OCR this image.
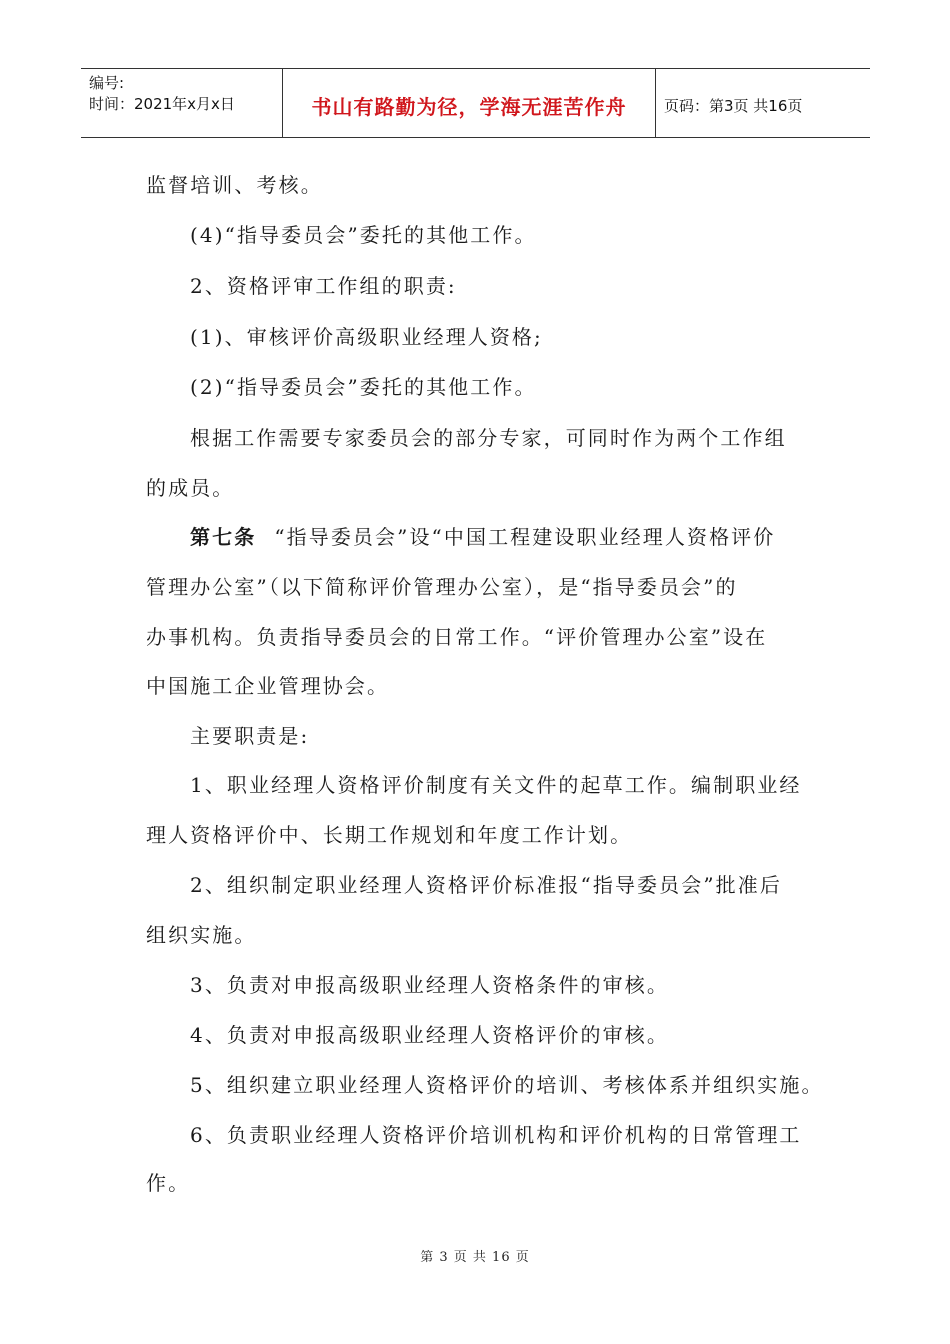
编号:
时间：2021年x月x日	书山有路勤为径，学海无涯苦作舟	页码：第3页 共16页
监督培训、考核。
(4)“指导委员会”委托的其他工作。
2、资格评审工作组的职责:
(1)、审核评价高级职业经理人资格;
(2)“指导委员会”委托的其他工作。
根据工作需要专家委员会的部分专家，可同时作为两个工作组
的成员。
第七条 “指导委员会”设“中国工程建设职业经理人资格评价
管理办公室”（以下简称评价管理办公室），是“指导委员会”的
办事机构。负责指导委员会的日常工作。“评价管理办公室”设在
中国施工企业管理协会。
主要职责是:
1、职业经理人资格评价制度有关文件的起草工作。编制职业经
理人资格评价中、长期工作规划和年度工作计划。
2、组织制定职业经理人资格评价标准报“指导委员会”批准后
组织实施。
3、负责对申报高级职业经理人资格条件的审核。
4、负责对申报高级职业经理人资格评价的审核。
5、组织建立职业经理人资格评价的培训、考核体系并组织实施。
6、负责职业经理人资格评价培训机构和评价机构的日常管理工
作。
第 3 页 共 16 页
